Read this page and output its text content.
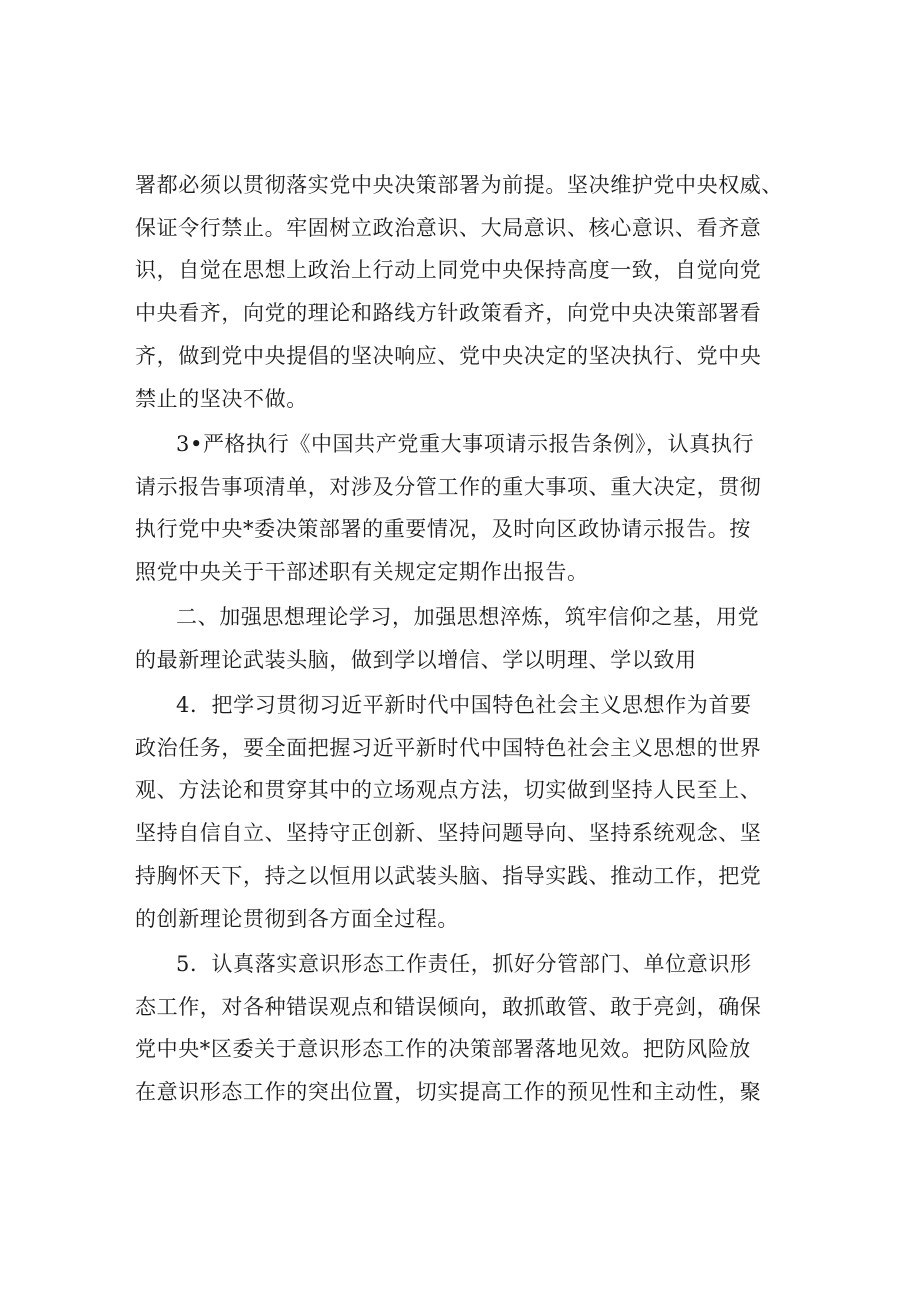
署都必须以贯彻落实党中央决策部署为前提。坚决维护党中央权威、
保证令行禁止。牢固树立政治意识、大局意识、核心意识、看齐意
识，自觉在思想上政治上行动上同党中央保持高度一致，自觉向党
中央看齐，向党的理论和路线方针政策看齐，向党中央决策部署看
齐，做到党中央提倡的坚决响应、党中央决定的坚决执行、党中央
禁止的坚决不做。
3•严格执行《中国共产党重大事项请示报告条例》，认真执行
请示报告事项清单，对涉及分管工作的重大事项、重大决定，贯彻
执行党中央*委决策部署的重要情况，及时向区政协请示报告。按
照党中央关于干部述职有关规定定期作出报告。
二、加强思想理论学习，加强思想淬炼，筑牢信仰之基，用党
的最新理论武装头脑，做到学以增信、学以明理、学以致用
4．把学习贯彻习近平新时代中国特色社会主义思想作为首要
政治任务，要全面把握习近平新时代中国特色社会主义思想的世界
观、方法论和贯穿其中的立场观点方法，切实做到坚持人民至上、
坚持自信自立、坚持守正创新、坚持问题导向、坚持系统观念、坚
持胸怀天下，持之以恒用以武装头脑、指导实践、推动工作，把党
的创新理论贯彻到各方面全过程。
5．认真落实意识形态工作责任，抓好分管部门、单位意识形
态工作，对各种错误观点和错误倾向，敢抓敢管、敢于亮剑，确保
党中央*区委关于意识形态工作的决策部署落地见效。把防风险放
在意识形态工作的突出位置，切实提高工作的预见性和主动性，聚
